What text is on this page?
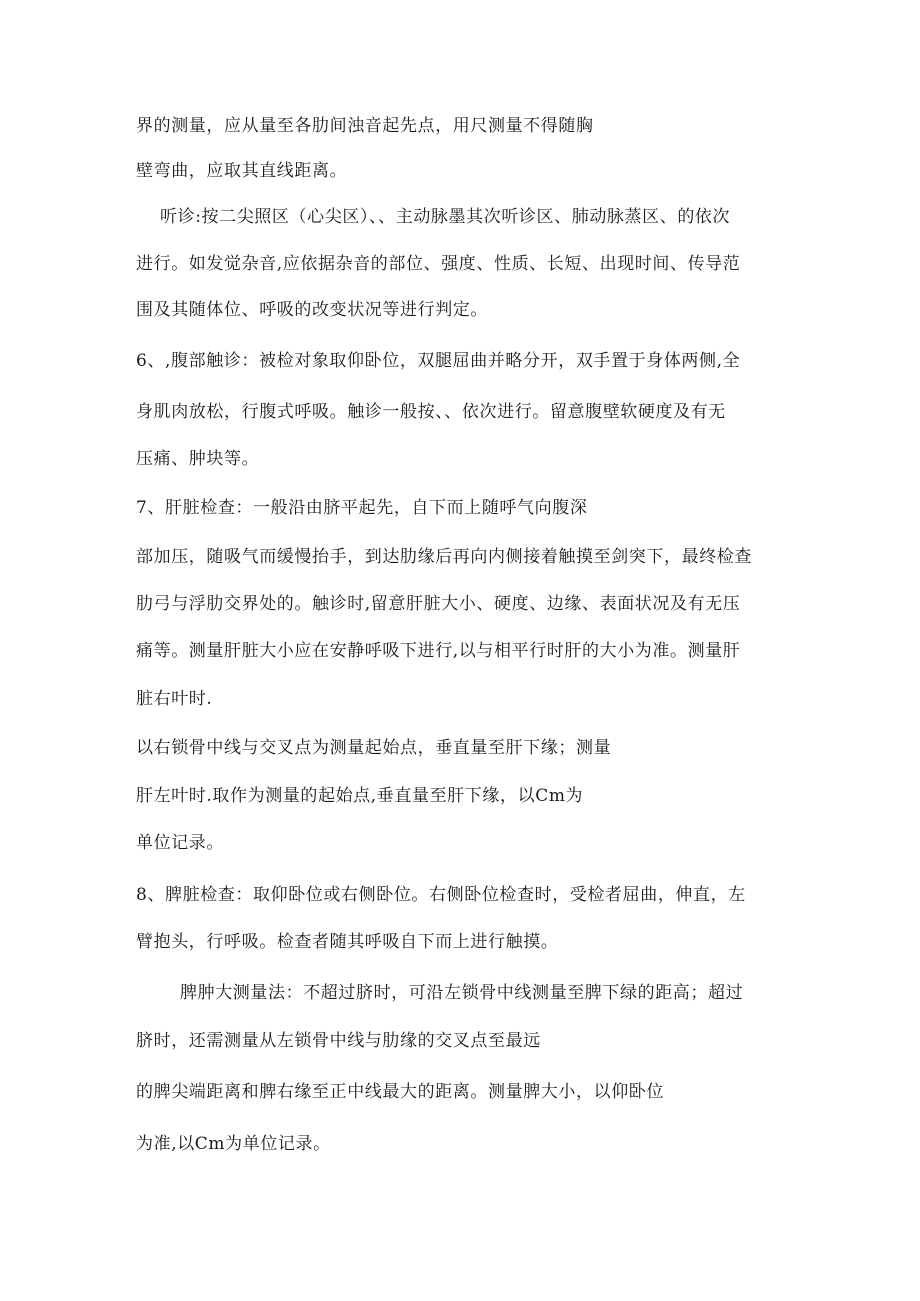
界的测量，应从量至各肋间浊音起先点，用尺测量不得随胸
壁弯曲，应取其直线距离。
听诊:按二尖照区（心尖区）、、主动脉墨其次听诊区、肺动脉蒸区、的依次
进行。如发觉杂音,应依据杂音的部位、强度、性质、长短、出现时间、传导范
围及其随体位、呼吸的改变状况等进行判定。
6、,腹部触诊：被检对象取仰卧位，双腿屈曲并略分开，双手置于身体两侧,全
身肌肉放松，行腹式呼吸。触诊一般按、、依次进行。留意腹壁软硬度及有无
压痛、肿块等。
7、肝脏检查：一般沿由脐平起先，自下而上随呼气向腹深
部加压，随吸气而缓慢抬手，到达肋缘后再向内侧接着触摸至剑突下，最终检查
肋弓与浮肋交界处的。触诊时,留意肝脏大小、硬度、边缘、表面状况及有无压
痛等。测量肝脏大小应在安静呼吸下进行,以与相平行时肝的大小为准。测量肝
脏右叶时.
以右锁骨中线与交叉点为测量起始点，垂直量至肝下缘；测量
肝左叶时.取作为测量的起始点,垂直量至肝下缘，以Cm为
单位记录。
8、脾脏检查：取仰卧位或右侧卧位。右侧卧位检查时，受检者屈曲，伸直，左
臂抱头，行呼吸。检查者随其呼吸自下而上进行触摸。
脾肿大测量法：不超过脐时，可沿左锁骨中线测量至脾下绿的距高；超过
脐时，还需测量从左锁骨中线与肋缘的交叉点至最远
的脾尖端距离和脾右缘至正中线最大的距离。测量脾大小，以仰卧位
为准,以Cm为单位记录。
